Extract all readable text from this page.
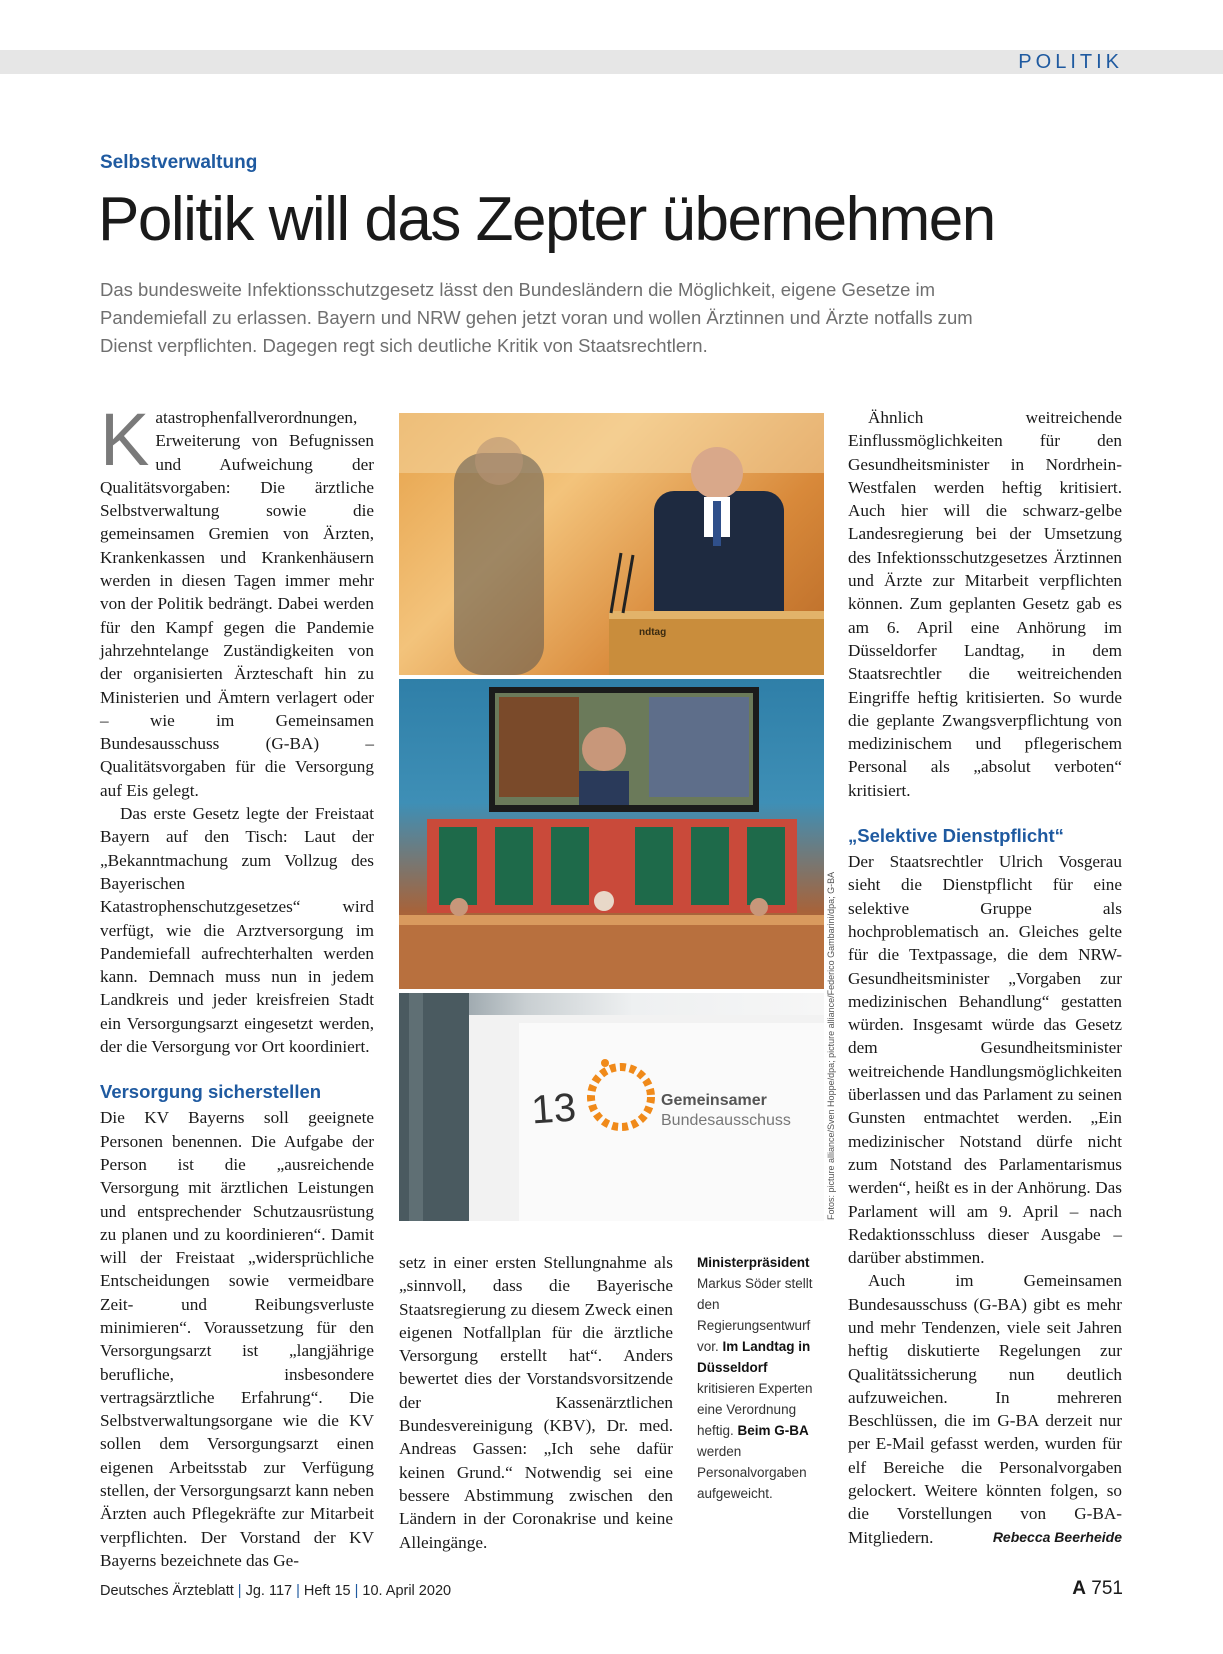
POLITIK
Selbstverwaltung
Politik will das Zepter übernehmen
Das bundesweite Infektionsschutzgesetz lässt den Bundesländern die Möglichkeit, eigene Gesetze im Pandemiefall zu erlassen. Bayern und NRW gehen jetzt voran und wollen Ärztinnen und Ärzte notfalls zum Dienst verpflichten. Dagegen regt sich deutliche Kritik von Staatsrechtlern.
K atastrophenfallverordnungen, Erweiterung von Befugnissen und Aufweichung der Qualitätsvorgaben: Die ärztliche Selbstverwaltung sowie die gemeinsamen Gremien von Ärzten, Krankenkassen und Krankenhäusern werden in diesen Tagen immer mehr von der Politik bedrängt. Dabei werden für den Kampf gegen die Pandemie jahrzehntelange Zuständigkeiten von der organisierten Ärzteschaft hin zu Ministerien und Ämtern verlagert oder – wie im Gemeinsamen Bundesausschuss (G-BA) – Qualitätsvorgaben für die Versorgung auf Eis gelegt.

Das erste Gesetz legte der Freistaat Bayern auf den Tisch: Laut der „Bekanntmachung zum Vollzug des Bayerischen Katastrophenschutzgesetzes“ wird verfügt, wie die Arztversorgung im Pandemiefall aufrechterhalten werden kann. Demnach muss nun in jedem Landkreis und jeder kreisfreien Stadt ein Versorgungsarzt eingesetzt werden, der die Versorgung vor Ort koordiniert.

Versorgung sicherstellen

Die KV Bayerns soll geeignete Personen benennen. Die Aufgabe der Person ist die „ausreichende Versorgung mit ärztlichen Leistungen und entsprechender Schutzausrüstung zu planen und zu koordinieren“. Damit will der Freistaat „widersprüchliche Entscheidungen sowie vermeidbare Zeit- und Reibungsverluste minimieren“. Voraussetzung für den Versorgungsarzt ist „langjährige berufliche, insbesondere vertragsärztliche Erfahrung“. Die Selbstverwaltungsorgane wie die KV sollen dem Versorgungsarzt einen eigenen Arbeitsstab zur Verfügung stellen, der Versorgungsarzt kann neben Ärzten auch Pflegekräfte zur Mitarbeit verpflichten. Der Vorstand der KV Bayerns bezeichnete das Ge-

ndtag
13	Gemeinsamer
Bundesausschuss	Fotos: picture alliance/Sven Hoppe/dpa; picture alliance/Federico Gambarini/dpa; G-BA

setz in einer ersten Stellungnahme als „sinnvoll, dass die Bayerische Staatsregierung zu diesem Zweck einen eigenen Notfallplan für die ärztliche Versorgung erstellt hat“. Anders bewertet dies der Vorstandsvorsitzende der Kassenärztlichen Bundesvereinigung (KBV), Dr. med. Andreas Gassen: „Ich sehe dafür keinen Grund.“ Notwendig sei eine bessere Abstimmung zwischen den Ländern in der Coronakrise und keine Alleingänge.

Ministerpräsident Markus Söder stellt den Regierungsentwurf vor. Im Landtag in Düsseldorf kritisieren Experten eine Verordnung heftig. Beim G-BA werden Personalvorgaben aufgeweicht.

Ähnlich weitreichende Einflussmöglichkeiten für den Gesundheitsminister in Nordrhein-Westfalen werden heftig kritisiert. Auch hier will die schwarz-gelbe Landesregierung bei der Umsetzung des Infektionsschutzgesetzes Ärztinnen und Ärzte zur Mitarbeit verpflichten können. Zum geplanten Gesetz gab es am 6. April eine Anhörung im Düsseldorfer Landtag, in dem Staatsrechtler die weitreichenden Eingriffe heftig kritisierten. So wurde die geplante Zwangsverpflichtung von medizinischem und pflegerischem Personal als „absolut verboten“ kritisiert.

„Selektive Dienstpflicht“

Der Staatsrechtler Ulrich Vosgerau sieht die Dienstpflicht für eine selektive Gruppe als hochproblematisch an. Gleiches gelte für die Textpassage, die dem NRW-Gesundheitsminister „Vorgaben zur medizinischen Behandlung“ gestatten würden. Insgesamt würde das Gesetz dem Gesundheitsminister weitreichende Handlungsmöglichkeiten überlassen und das Parlament zu seinen Gunsten entmachtet werden. „Ein medizinischer Notstand dürfe nicht zum Notstand des Parlamentarismus werden“, heißt es in der Anhörung. Das Parlament will am 9. April – nach Redaktionsschluss dieser Ausgabe – darüber abstimmen.

Auch im Gemeinsamen Bundesausschuss (G-BA) gibt es mehr und mehr Tendenzen, viele seit Jahren heftig diskutierte Regelungen zur Qualitätssicherung nun deutlich aufzuweichen. In mehreren Beschlüssen, die im G-BA derzeit nur per E-Mail gefasst werden, wurden für elf Bereiche die Personalvorgaben gelockert. Weitere könnten folgen, so die Vorstellungen von G-BA-Mitgliedern.	Rebecca Beerheide

Deutsches Ärzteblatt | Jg. 117 | Heft 15 | 10. April 2020	A 751
